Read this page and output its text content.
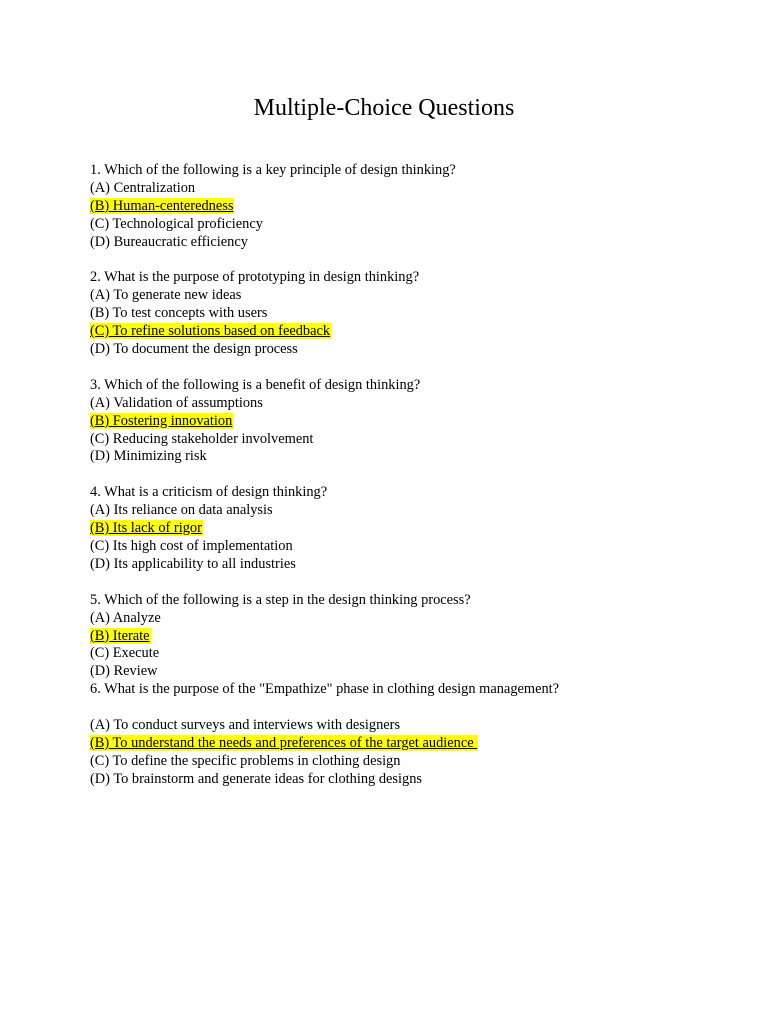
Multiple-Choice Questions
1. Which of the following is a key principle of design thinking?
(A) Centralization
(B) Human-centeredness
(C) Technological proficiency
(D) Bureaucratic efficiency
2. What is the purpose of prototyping in design thinking?
(A) To generate new ideas
(B) To test concepts with users
(C) To refine solutions based on feedback
(D) To document the design process
3. Which of the following is a benefit of design thinking?
(A) Validation of assumptions
(B) Fostering innovation
(C) Reducing stakeholder involvement
(D) Minimizing risk
4. What is a criticism of design thinking?
(A) Its reliance on data analysis
(B) Its lack of rigor
(C) Its high cost of implementation
(D) Its applicability to all industries
5. Which of the following is a step in the design thinking process?
(A) Analyze
(B) Iterate
(C) Execute
(D) Review
6. What is the purpose of the "Empathize" phase in clothing design management?
(A) To conduct surveys and interviews with designers
(B) To understand the needs and preferences of the target audience
(C) To define the specific problems in clothing design
(D) To brainstorm and generate ideas for clothing designs
